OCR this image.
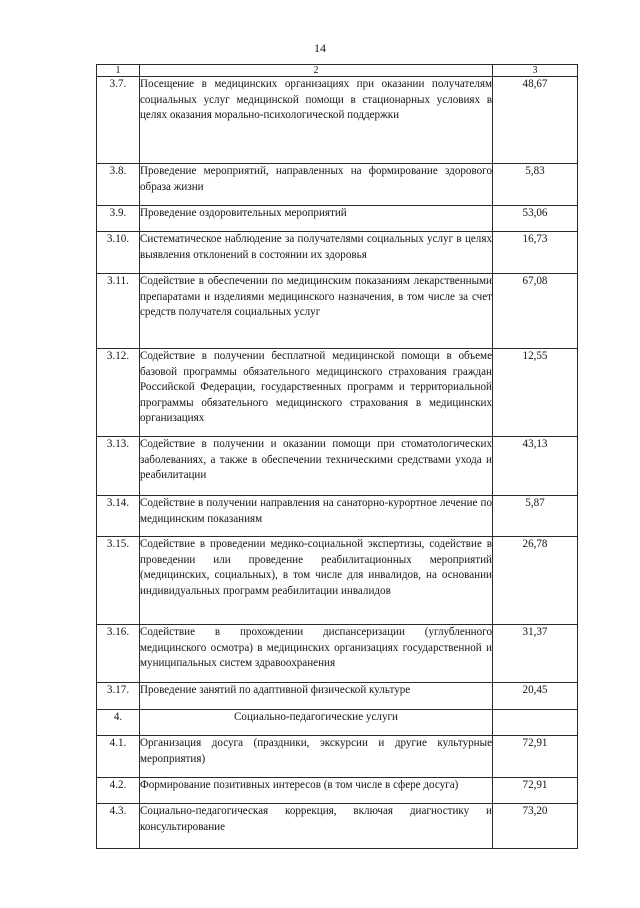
14
1	2	3
3.7.	Посещение в медицинских организациях при оказании получателям социальных услуг медицинской помощи в стационарных условиях в целях оказания морально-психологической поддержки	48,67
3.8.	Проведение мероприятий, направленных на формирование здорового образа жизни	5,83
3.9.	Проведение оздоровительных мероприятий	53,06
3.10.	Систематическое наблюдение за получателями социальных услуг в целях выявления отклонений в состоянии их здоровья	16,73
3.11.	Содействие в обеспечении по медицинским показаниям лекарственными препаратами и изделиями медицинского назначения, в том числе за счет средств получателя социальных услуг	67,08
3.12.	Содействие в получении бесплатной медицинской помощи в объеме базовой программы обязательного медицинского страхования граждан Российской Федерации, государственных программ и территориальной программы обязательного медицинского страхования в медицинских организациях	12,55
3.13.	Содействие в получении и оказании помощи при стоматологических заболеваниях, а также в обеспечении техническими средствами ухода и реабилитации	43,13
3.14.	Содействие в получении направления на санаторно-курортное лечение по медицинским показаниям	5,87
3.15.	Содействие в проведении медико-социальной экспертизы, содействие в проведении или проведение реабилитационных мероприятий (медицинских, социальных), в том числе для инвалидов, на основании индивидуальных программ реабилитации инвалидов	26,78
3.16.	Содействие в прохождении диспансеризации (углубленного медицинского осмотра) в медицинских организациях государственной и муниципальных систем здравоохранения	31,37
3.17.	Проведение занятий по адаптивной физической культуре	20,45
4.	Социально-педагогические услуги	
4.1.	Организация досуга (праздники, экскурсии и другие культурные мероприятия)	72,91
4.2.	Формирование позитивных интересов (в том числе в сфере досуга)	72,91
4.3.	Социально-педагогическая коррекция, включая диагностику и консультирование	73,20
